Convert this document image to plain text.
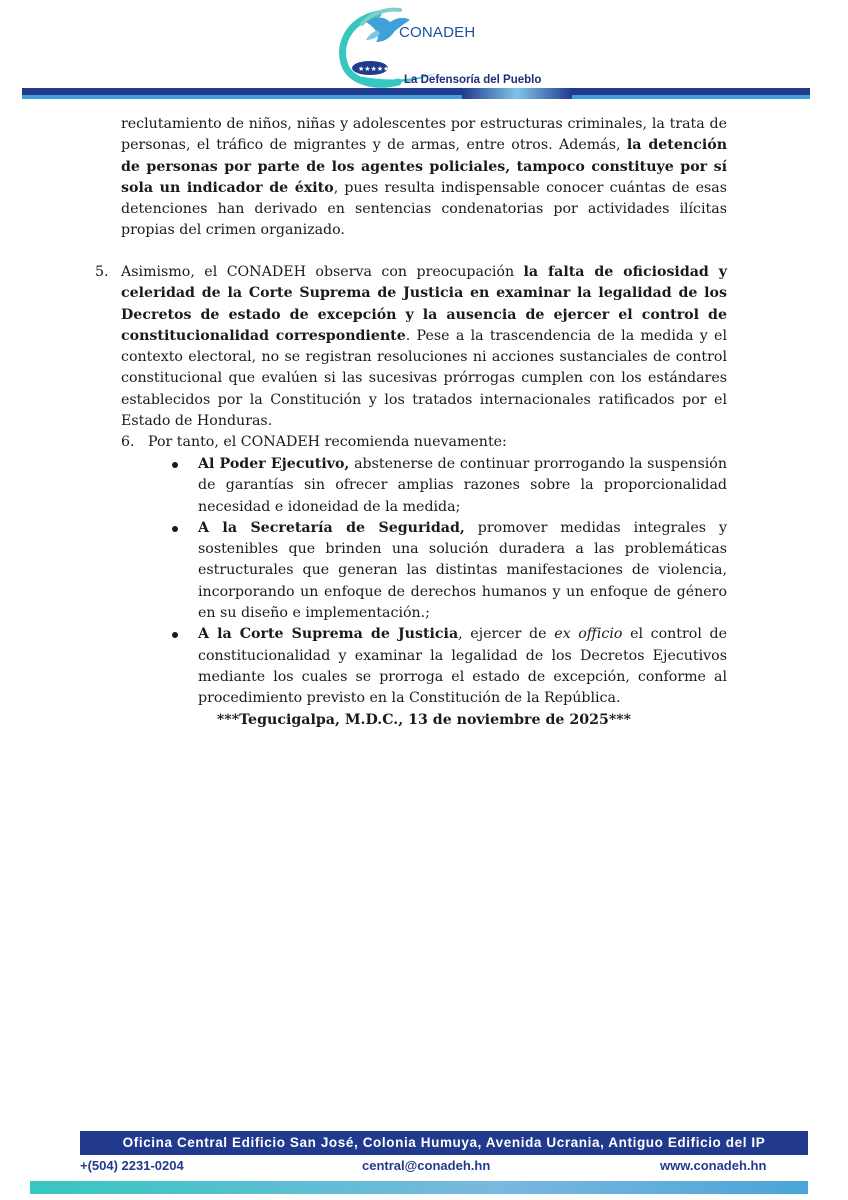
★★★★★
CONADEH
La Defensoría del Pueblo
reclutamiento de niños, niñas y adolescentes por estructuras criminales, la trata de personas, el tráfico de migrantes y de armas, entre otros. Además, la detención de personas por parte de los agentes policiales, tampoco constituye por sí sola un indicador de éxito, pues resulta indispensable conocer cuántas de esas detenciones han derivado en sentencias condenatorias por actividades ilícitas propias del crimen organizado.
5. Asimismo, el CONADEH observa con preocupación la falta de oficiosidad y celeridad de la Corte Suprema de Justicia en examinar la legalidad de los Decretos de estado de excepción y la ausencia de ejercer el control de constitucionalidad correspondiente. Pese a la trascendencia de la medida y el contexto electoral, no se registran resoluciones ni acciones sustanciales de control constitucional que evalúen si las sucesivas prórrogas cumplen con los estándares establecidos por la Constitución y los tratados internacionales ratificados por el Estado de Honduras.
6. Por tanto, el CONADEH recomienda nuevamente:
Al Poder Ejecutivo, abstenerse de continuar prorrogando la suspensión de garantías sin ofrecer amplias razones sobre la proporcionalidad necesidad e idoneidad de la medida;
A la Secretaría de Seguridad, promover medidas integrales y sostenibles que brinden una solución duradera a las problemáticas estructurales que generan las distintas manifestaciones de violencia, incorporando un enfoque de derechos humanos y un enfoque de género en su diseño e implementación.;
A la Corte Suprema de Justicia, ejercer de ex officio el control de constitucionalidad y examinar la legalidad de los Decretos Ejecutivos mediante los cuales se prorroga el estado de excepción, conforme al procedimiento previsto en la Constitución de la República.
***Tegucigalpa, M.D.C., 13 de noviembre de 2025***
Oficina Central Edificio San José, Colonia Humuya, Avenida Ucrania, Antiguo Edificio del IP
+(504) 2231-0204	central@conadeh.hn	www.conadeh.hn
